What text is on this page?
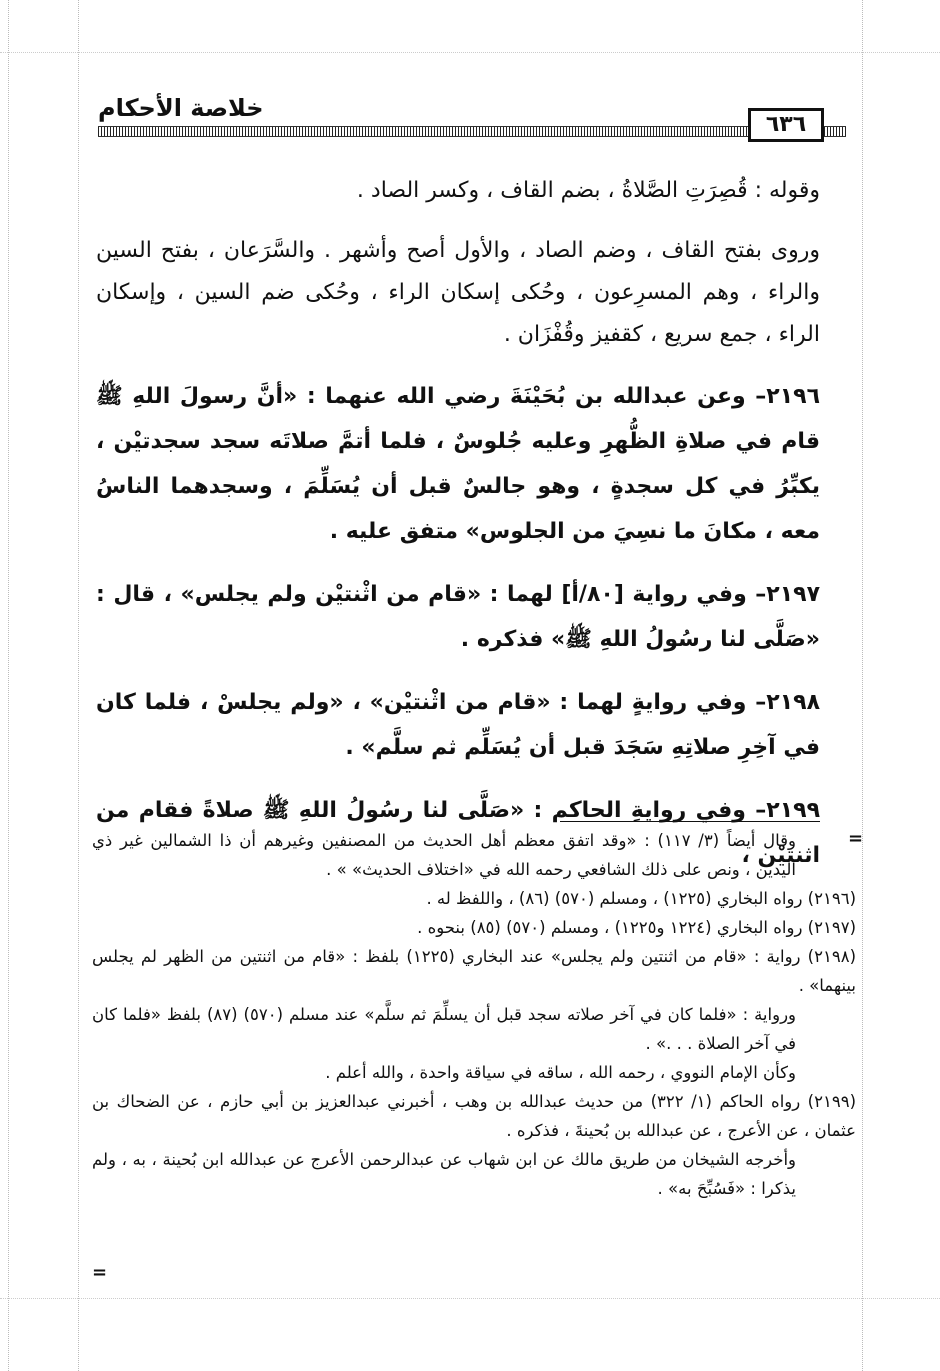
خلاصة الأحكام
٦٣٦

وقوله : قُصِرَتِ الصَّلاةُ ، بضم القاف ، وكسر الصاد .

وروى بفتح القاف ، وضم الصاد ، والأول أصح وأشهر . والسَّرَعان ، بفتح السين والراء ، وهم المسرِعون ، وحُكى إسكان الراء ، وحُكى ضم السين ، وإسكان الراء ، جمع سريع ، كقفيز وقُفْزَان .

٢١٩٦– وعن عبدالله بن بُحَيْنَةَ رضي الله عنهما : «أنَّ رسولَ اللهِ ﷺ قام في صلاةِ الظُّهرِ وعليه جُلوسٌ ، فلما أتمَّ صلاتَه سجد سجدتيْن ، يكبِّرُ في كل سجدةٍ ، وهو جالسٌ قبل أن يُسَلِّمَ ، وسجدهما الناسُ معه ، مكانَ ما نسِيَ من الجلوس» متفق عليه .

٢١٩٧– وفي رواية [٨٠/أ] لهما : «قام من اثْنتيْن ولم يجلس» ، قال : «صَلَّى لنا رسُولُ اللهِ ﷺ» فذكره .

٢١٩٨– وفي روايةٍ لهما : «قام من اثْنتيْن» ، «ولم يجلسْ ، فلما كان في آخِرِ صلاتِهِ سَجَدَ قبل أن يُسَلِّم ثم سلَّم» .

٢١٩٩– وفي روايةِ الحاكم : «صَلَّى لنا رسُولُ اللهِ ﷺ صلاةً فقام من اثنتيْن ،

=
=

وقال أيضاً (٣/ ١١٧) : «وقد اتفق معظم أهل الحديث من المصنفين وغيرهم أن ذا الشمالين غير ذي اليدين ، ونص على ذلك الشافعي رحمه الله في «اختلاف الحديث» » .

(٢١٩٦) رواه البخاري (١٢٢٥) ، ومسلم (٥٧٠) (٨٦) ، واللفظ له .

(٢١٩٧) رواه البخاري (١٢٢٤ و١٢٢٥) ، ومسلم (٥٧٠) (٨٥) بنحوه .

(٢١٩٨) رواية : «قام من اثنتين ولم يجلس» عند البخاري (١٢٢٥) بلفظ : «قام من اثنتين من الظهر لم يجلس بينهما» .

ورواية : «فلما كان في آخر صلاته سجد قبل أن يسلِّمَ ثم سلَّم» عند مسلم (٥٧٠) (٨٧) بلفظ «فلما كان في آخر الصلاة . . .» .

وكأن الإمام النووي ، رحمه الله ، ساقه في سياقة واحدة ، والله أعلم .

(٢١٩٩) رواه الحاكم (١/ ٣٢٢) من حديث عبدالله بن وهب ، أخبرني عبدالعزيز بن أبي حازم ، عن الضحاك بن عثمان ، عن الأعرج ، عن عبدالله بن بُحينةَ ، فذكره .

وأخرجه الشيخان من طريق مالك عن ابن شهاب عن عبدالرحمن الأعرج عن عبدالله ابن بُحينة ، به ، ولم يذكرا : «فَسُبِّحَ به» .
